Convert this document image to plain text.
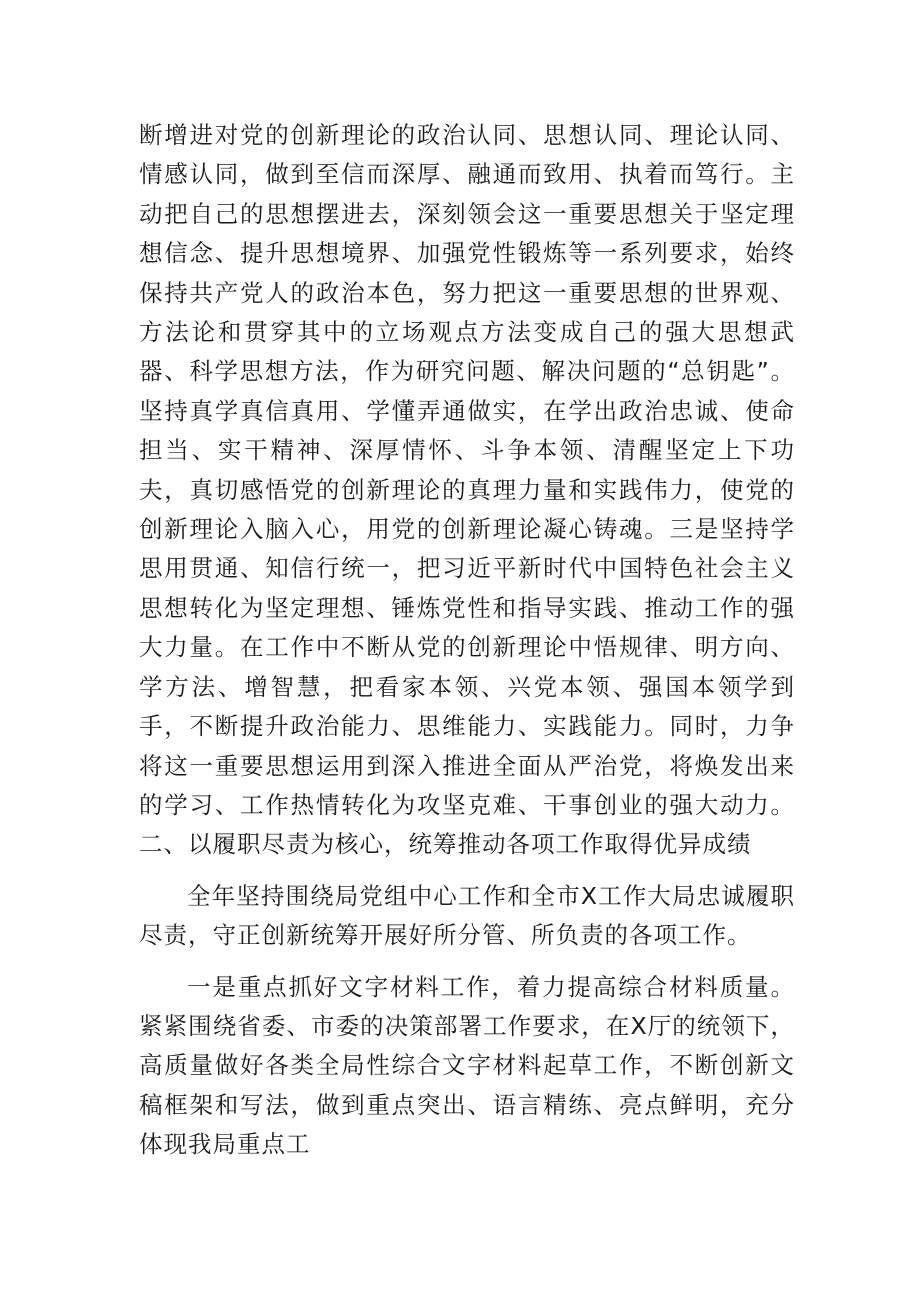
断增进对党的创新理论的政治认同、思想认同、理论认同、情感认同，做到至信而深厚、融通而致用、执着而笃行。主动把自己的思想摆进去，深刻领会这一重要思想关于坚定理想信念、提升思想境界、加强党性锻炼等一系列要求，始终保持共产党人的政治本色，努力把这一重要思想的世界观、方法论和贯穿其中的立场观点方法变成自己的强大思想武器、科学思想方法，作为研究问题、解决问题的“总钥匙”。坚持真学真信真用、学懂弄通做实，在学出政治忠诚、使命担当、实干精神、深厚情怀、斗争本领、清醒坚定上下功夫，真切感悟党的创新理论的真理力量和实践伟力，使党的创新理论入脑入心，用党的创新理论凝心铸魂。三是坚持学思用贯通、知信行统一，把习近平新时代中国特色社会主义思想转化为坚定理想、锤炼党性和指导实践、推动工作的强大力量。在工作中不断从党的创新理论中悟规律、明方向、学方法、增智慧，把看家本领、兴党本领、强国本领学到手，不断提升政治能力、思维能力、实践能力。同时，力争将这一重要思想运用到深入推进全面从严治党，将焕发出来的学习、工作热情转化为攻坚克难、干事创业的强大动力。二、以履职尽责为核心，统筹推动各项工作取得优异成绩

全年坚持围绕局党组中心工作和全市X工作大局忠诚履职尽责，守正创新统筹开展好所分管、所负责的各项工作。

一是重点抓好文字材料工作，着力提高综合材料质量。紧紧围绕省委、市委的决策部署工作要求，在X厅的统领下，高质量做好各类全局性综合文字材料起草工作，不断创新文稿框架和写法，做到重点突出、语言精练、亮点鲜明，充分体现我局重点工
